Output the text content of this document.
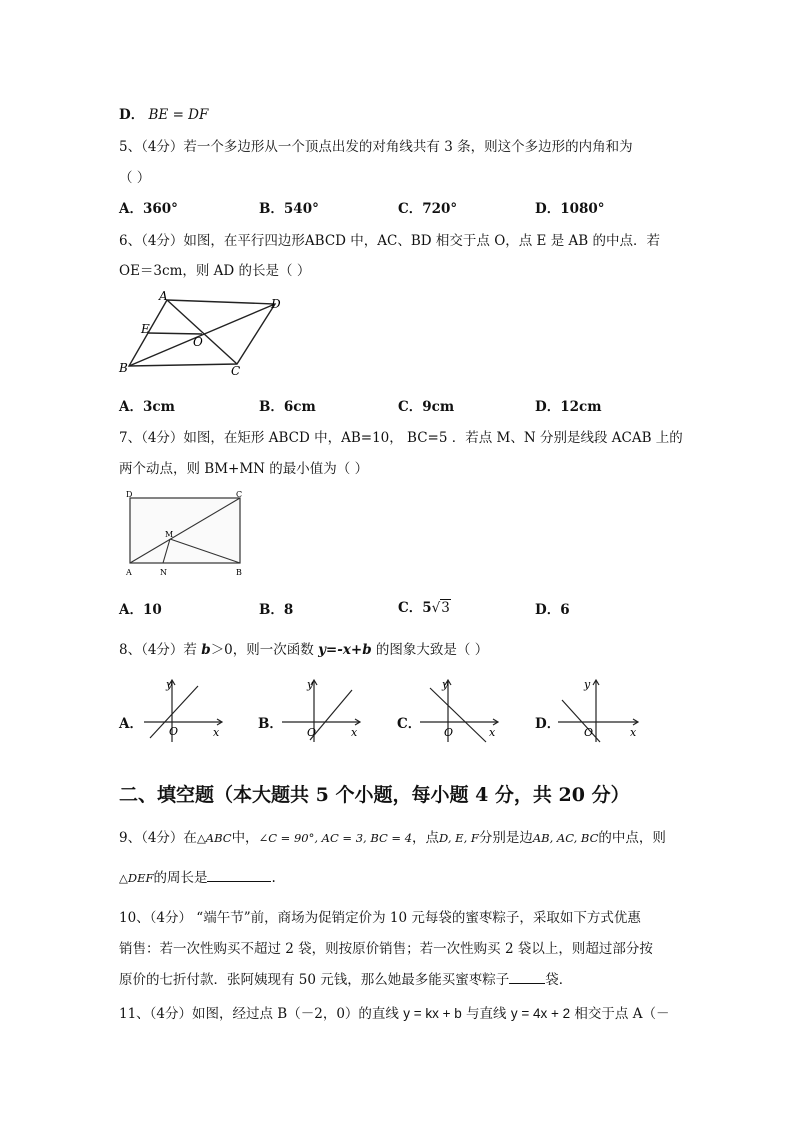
D． BE = DF
5、（4分）若一个多边形从一个顶点出发的对角线共有 3 条，则这个多边形的内角和为
（ ）
A．360°	B．540°	C．720°	D．1080°
6、（4分）如图，在平行四边形ABCD 中，AC、BD 相交于点 O，点 E 是 AB 的中点．若
OE＝3cm，则 AD 的长是（ ）
A
D
E
O
B	C
A．3cm	B．6cm	C．9cm	D．12cm
7、（4分）如图，在矩形 ABCD 中，AB=10， BC=5 ．若点 M、N 分别是线段 ACAB 上的
两个动点，则 BM+MN 的最小值为（ ）
D	C
M
A	N	B
A．10	B．8	C．5√3	D．6
8、（4分）若 b＞0，则一次函数 y=-x+b 的图象大致是（ ）
A．
y
x
O	B．
y
x
O
C．
y
x
O
D．
y
x
O
二、填空题（本大题共 5 个小题，每小题 4 分，共 20 分）
9、（4分）在△ABC中，∠C = 90°, AC = 3, BC = 4，点D, E, F分别是边AB, AC, BC的中点，则
△DEF的周长是	.
10、（4分） “端午节”前，商场为促销定价为 10 元每袋的蜜枣粽子，采取如下方式优惠
销售：若一次性购买不超过 2 袋，则按原价销售；若一次性购买 2 袋以上，则超过部分按
原价的七折付款．张阿姨现有 50 元钱，那么她最多能买蜜枣粽子	袋．
11、（4分）如图，经过点 B（－2，0）的直线 y = kx + b 与直线 y = 4x + 2 相交于点 A（－
